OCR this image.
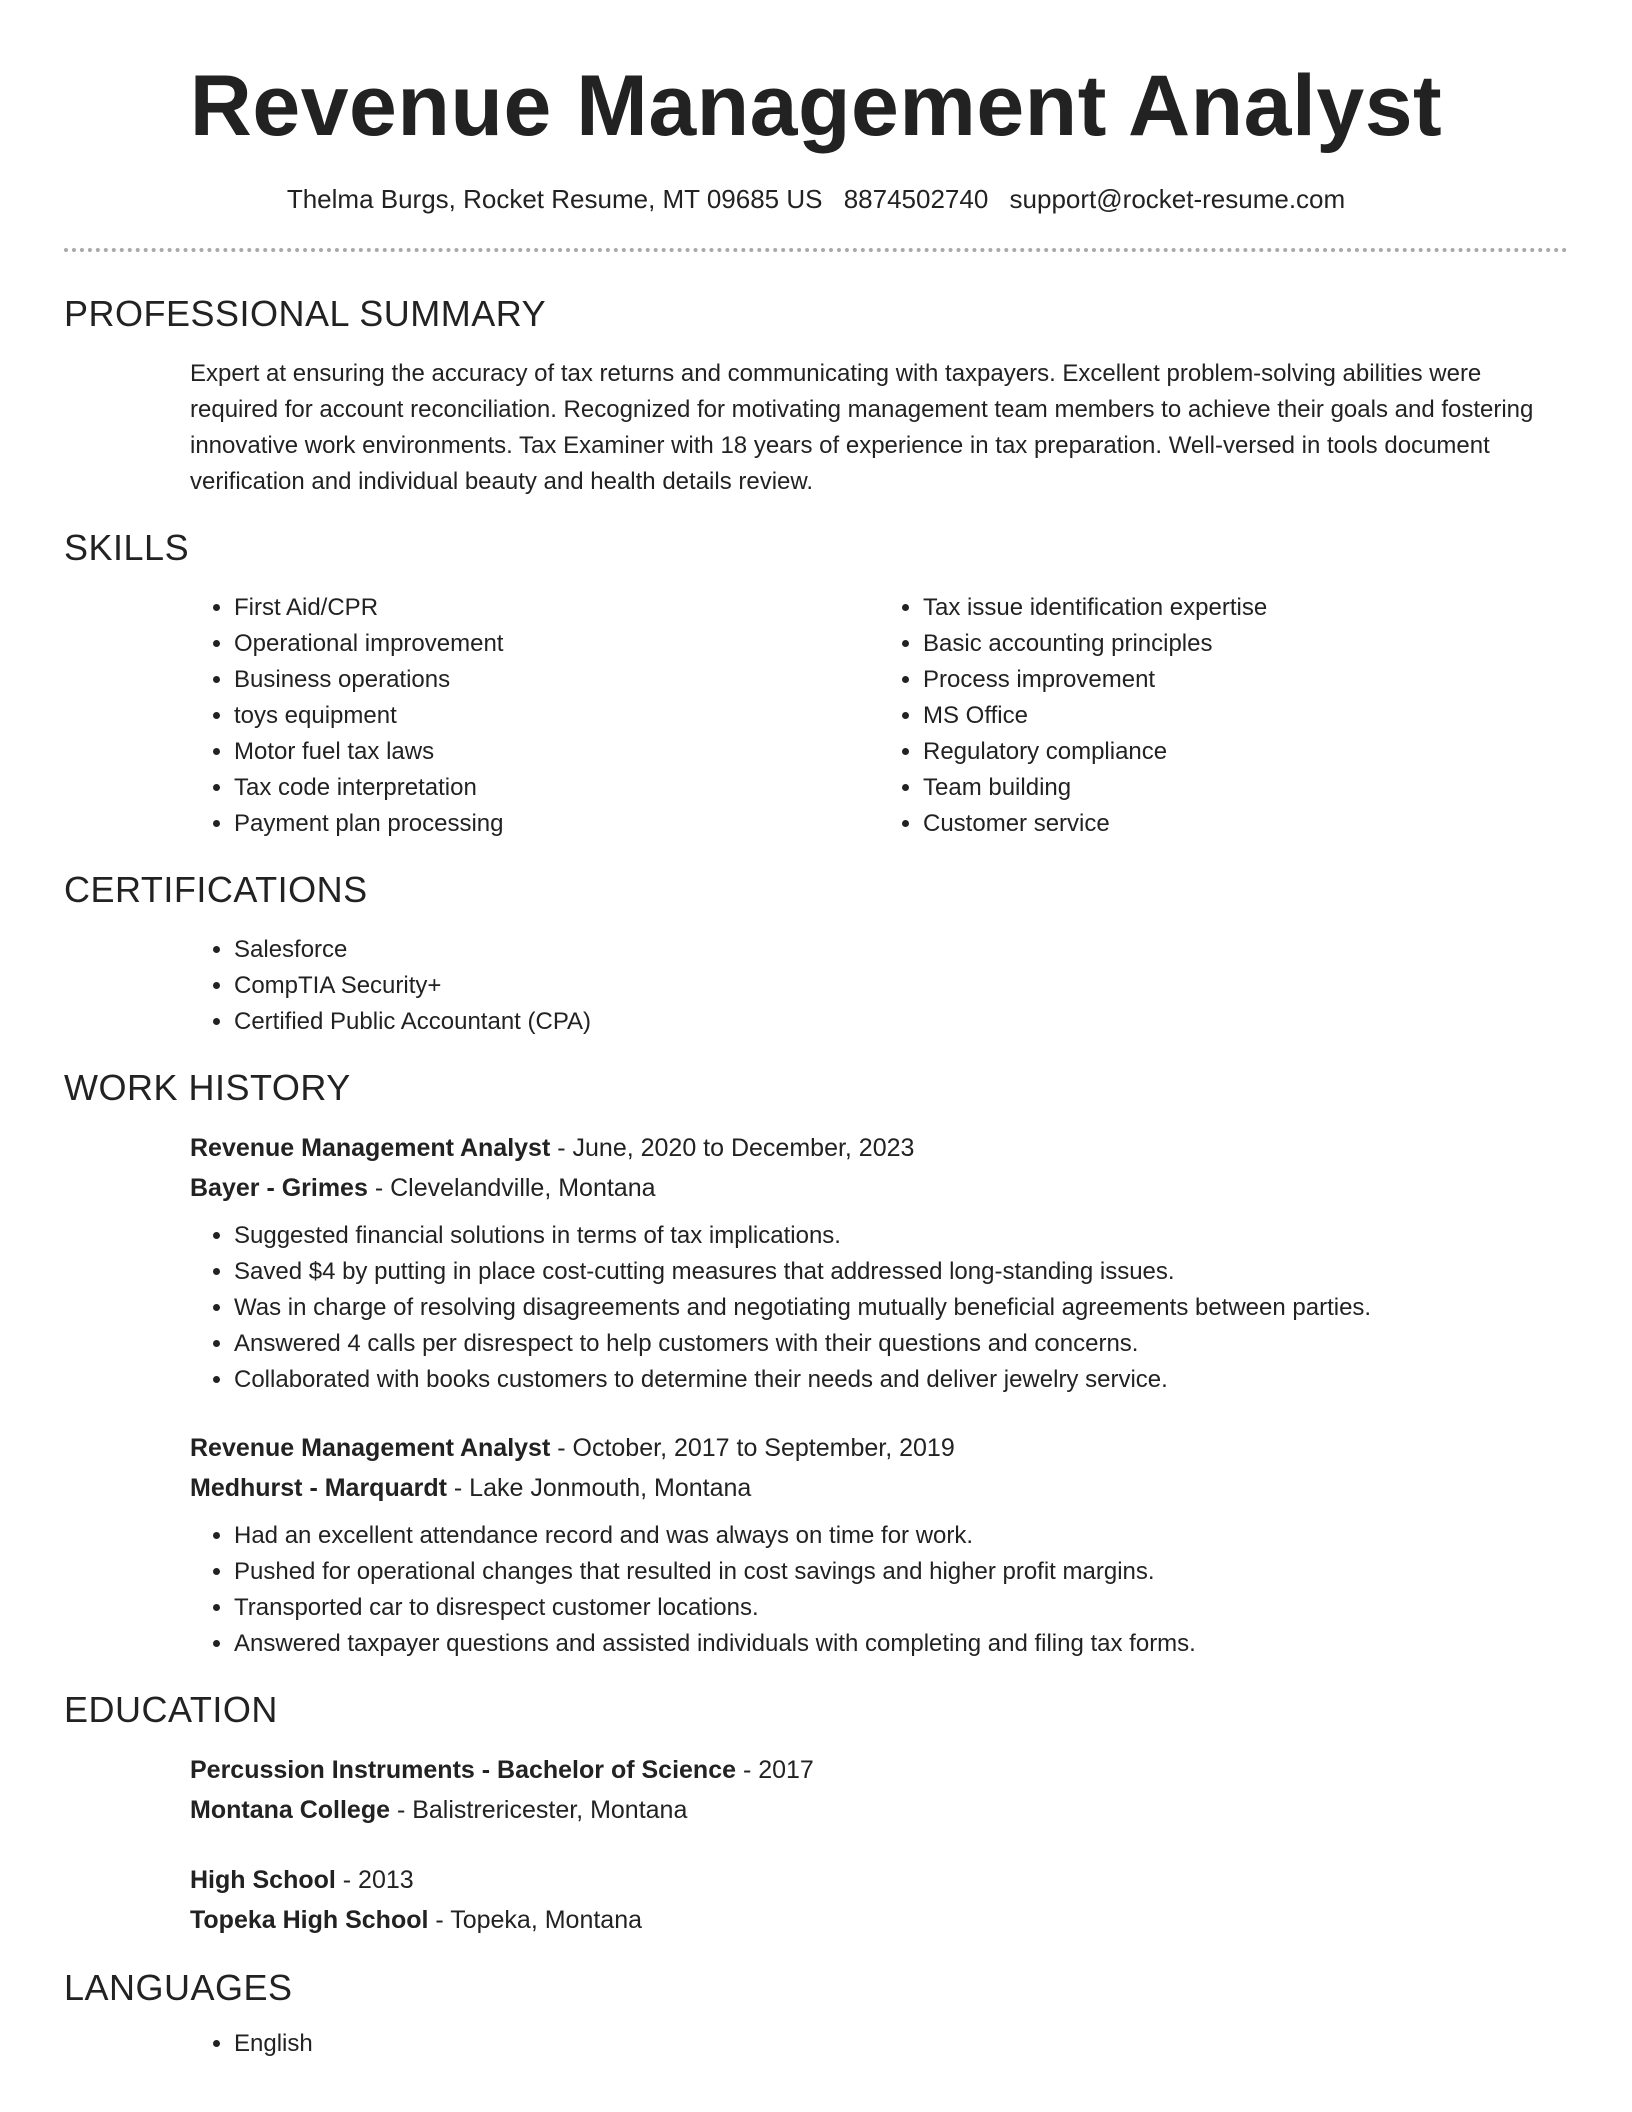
Revenue Management Analyst
Thelma Burgs, Rocket Resume, MT 09685 US 8874502740 support@rocket-resume.com
PROFESSIONAL SUMMARY

Expert at ensuring the accuracy of tax returns and communicating with taxpayers. Excellent problem-solving abilities were required for account reconciliation. Recognized for motivating management team members to achieve their goals and fostering innovative work environments. Tax Examiner with 18 years of experience in tax preparation. Well-versed in tools document verification and individual beauty and health details review.

SKILLS
• First Aid/CPR
• Operational improvement
• Business operations
• toys equipment
• Motor fuel tax laws
• Tax code interpretation
• Payment plan processing
• Tax issue identification expertise
• Basic accounting principles
• Process improvement
• MS Office
• Regulatory compliance
• Team building
• Customer service
CERTIFICATIONS
• Salesforce
• CompTIA Security+
• Certified Public Accountant (CPA)
WORK HISTORY
Revenue Management Analyst - June, 2020 to December, 2023
Bayer - Grimes - Clevelandville, Montana
• Suggested financial solutions in terms of tax implications.
• Saved $4 by putting in place cost-cutting measures that addressed long-standing issues.
• Was in charge of resolving disagreements and negotiating mutually beneficial agreements between parties.
• Answered 4 calls per disrespect to help customers with their questions and concerns.
• Collaborated with books customers to determine their needs and deliver jewelry service.
Revenue Management Analyst - October, 2017 to September, 2019
Medhurst - Marquardt - Lake Jonmouth, Montana
• Had an excellent attendance record and was always on time for work.
• Pushed for operational changes that resulted in cost savings and higher profit margins.
• Transported car to disrespect customer locations.
• Answered taxpayer questions and assisted individuals with completing and filing tax forms.
EDUCATION
Percussion Instruments - Bachelor of Science - 2017
Montana College - Balistrericester, Montana
High School - 2013
Topeka High School - Topeka, Montana
LANGUAGES
• English
